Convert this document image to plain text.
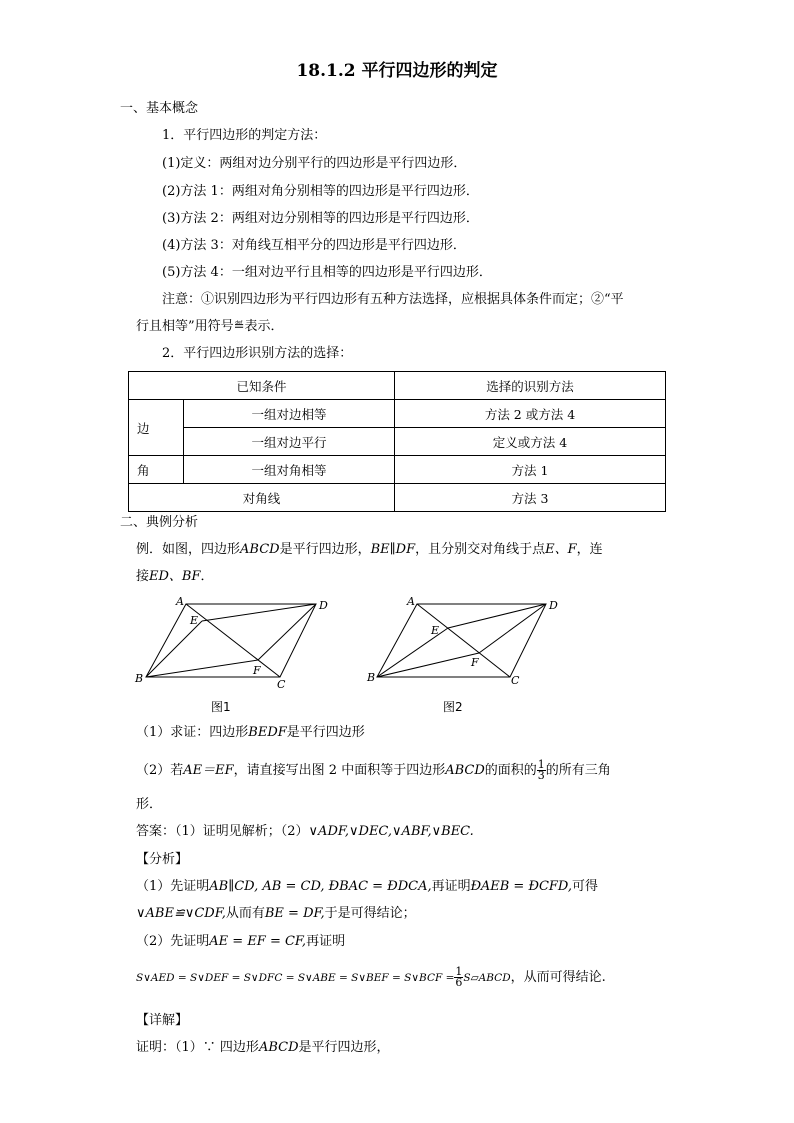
18.1.2 平行四边形的判定
一、基本概念
1．平行四边形的判定方法：
(1)定义：两组对边分别平行的四边形是平行四边形．
(2)方法 1：两组对角分别相等的四边形是平行四边形．
(3)方法 2：两组对边分别相等的四边形是平行四边形．
(4)方法 3：对角线互相平分的四边形是平行四边形．
(5)方法 4：一组对边平行且相等的四边形是平行四边形．
注意：①识别四边形为平行四边形有五种方法选择，应根据具体条件而定；②“平
行且相等”用符号≝表示．
2．平行四边形识别方法的选择：
已知条件		选择的识别方法
边	一组对边相等	方法 2 或方法 4
	一组对边平行	定义或方法 4
角	一组对角相等	方法 1
对角线		方法 3
二、典例分析
例．如图，四边形ABCD是平行四边形，BE∥DF，且分别交对角线于点E、F，连
接ED、BF．
A	D
E
F
B	C
图1
A	D
E
F
B	C
图2
（1）求证：四边形BEDF是平行四边形
（2）若AE＝EF，请直接写出图 2 中面积等于四边形ABCD的面积的 $\frac{1}{3}$ 的所有三角
形．
答案：（1）证明见解析；（2）∨ADF,∨DEC,∨ABF,∨BEC.
【分析】
（1）先证明AB∥CD, AB = CD, ÐBAC = ÐDCA,再证明ÐAEB = ÐCFD,可得
∨ABE≌∨CDF,从而有BE = DF,于是可得结论；
（2）先证明AE = EF = CF,再证明
S∨AED = S∨DEF = S∨DFC = S∨ABE = S∨BEF = S∨BCF = $\frac{1}{6}$ S▱ABCD，从而可得结论.
【详解】
证明：（1）∵ 四边形ABCD是平行四边形，
